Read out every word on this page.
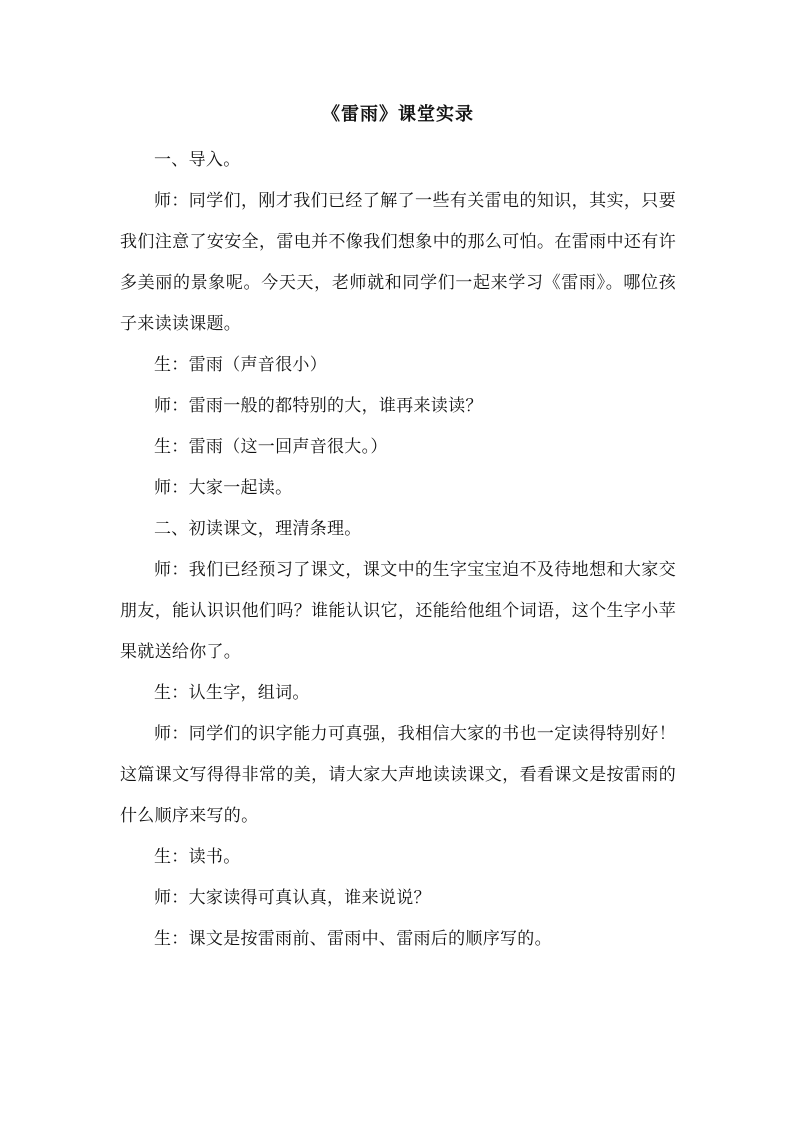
《雷雨》课堂实录

一、导入。

师：同学们，刚才我们已经了解了一些有关雷电的知识，其实，只要我们注意了安安全，雷电并不像我们想象中的那么可怕。在雷雨中还有许多美丽的景象呢。今天天，老师就和同学们一起来学习《雷雨》。哪位孩子来读读课题。

生：雷雨（声音很小）

师：雷雨一般的都特别的大，谁再来读读？

生：雷雨（这一回声音很大。）

师：大家一起读。

二、初读课文，理清条理。

师：我们已经预习了课文，课文中的生字宝宝迫不及待地想和大家交朋友，能认识识他们吗？谁能认识它，还能给他组个词语，这个生字小苹果就送给你了。

生：认生字，组词。

师：同学们的识字能力可真强，我相信大家的书也一定读得特别好！这篇课文写得得非常的美，请大家大声地读读课文，看看课文是按雷雨的什么顺序来写的。

生：读书。

师：大家读得可真认真，谁来说说？

生：课文是按雷雨前、雷雨中、雷雨后的顺序写的。
